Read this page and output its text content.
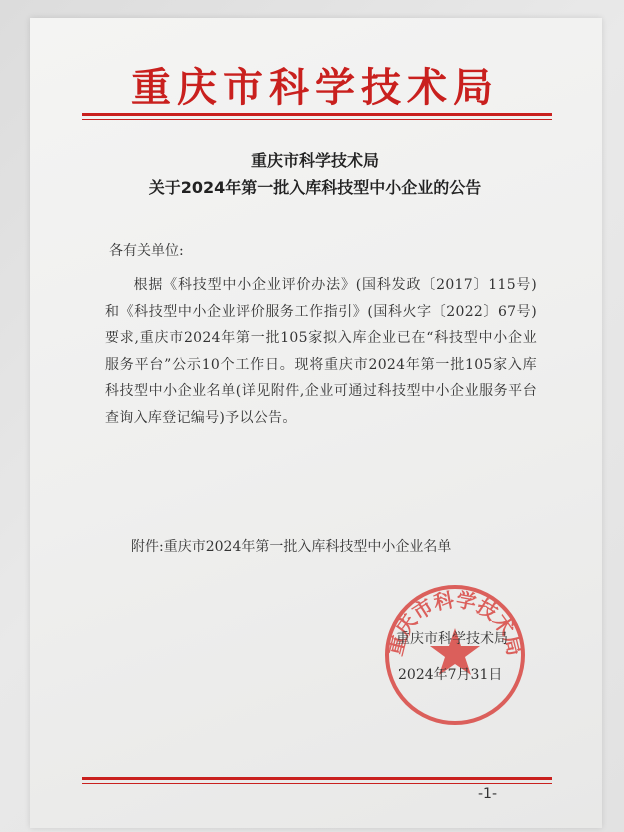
重庆市科学技术局
重庆市科学技术局
关于2024年第一批入库科技型中小企业的公告
各有关单位:
根据《科技型中小企业评价办法》(国科发政〔2017〕115号)和《科技型中小企业评价服务工作指引》(国科火字〔2022〕67号)要求,重庆市2024年第一批105家拟入库企业已在“科技型中小企业服务平台”公示10个工作日。现将重庆市2024年第一批105家入库科技型中小企业名单(详见附件,企业可通过科技型中小企业服务平台查询入库登记编号)予以公告。
附件:重庆市2024年第一批入库科技型中小企业名单
重庆市科学技术局
重庆市科学技术局
2024年7月31日
-1-
